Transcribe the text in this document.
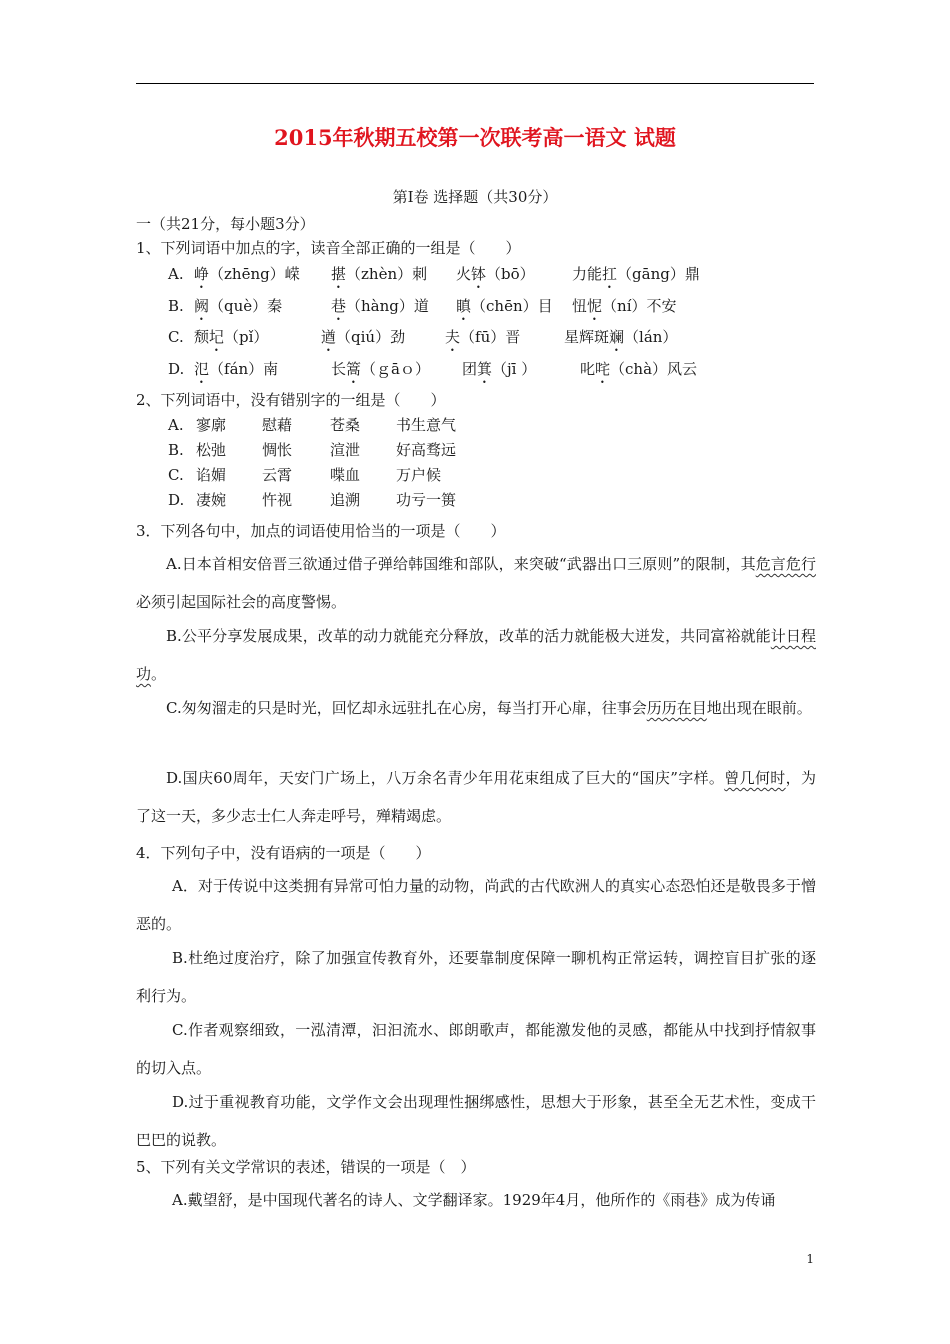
2015年秋期五校第一次联考高一语文 试题
第Ⅰ卷 选择题（共30分）
一（共21分，每小题3分）
1、下列词语中加点的字，读音全部正确的一组是（　　）
A. 峥（zhēng）嵘 揕（zhèn）刺 火钵（bō） 力能扛（gāng）鼎
B. 阙（què）秦	巷（hàng）道 瞋（chēn）目 忸怩（ní）不安
C. 颓圮（pǐ）	遒（qiú）劲	夫（fū）晋	星辉斑斓（lán）
D. 氾（fán）南	长篙（ｇāｏ） 团箕（jī ）	叱咤（chà）风云
2、下列词语中，没有错别字的一组是（　　）
A. 寥廓 慰藉	苍桑 书生意气
B. 松弛 惆怅	渲泄 好高骛远
C. 谄媚 云霄	喋血 万户候
D. 凄婉 忤视	追溯 功亏一篑
3．下列各句中，加点的词语使用恰当的一项是（　　）
A.日本首相安倍晋三欲通过借子弹给韩国维和部队，来突破“武器出口三原则”的限制，其危言危行必须引起国际社会的高度警惕。
B.公平分享发展成果，改革的动力就能充分释放，改革的活力就能极大迸发，共同富裕就能计日程功。
C.匆匆溜走的只是时光，回忆却永远驻扎在心房，每当打开心扉，往事会历历在目地出现在眼前。
D.国庆60周年，天安门广场上，八万余名青少年用花束组成了巨大的“国庆”字样。曾几何时，为了这一天，多少志士仁人奔走呼号，殚精竭虑。
4．下列句子中，没有语病的一项是（　　）
A．对于传说中这类拥有异常可怕力量的动物，尚武的古代欧洲人的真实心态恐怕还是敬畏多于憎恶的。
B.杜绝过度治疗，除了加强宣传教育外，还要靠制度保障一聊机构正常运转，调控盲目扩张的逐利行为。
C.作者观察细致，一泓清潭，汩汩流水、郎朗歌声，都能激发他的灵感，都能从中找到抒情叙事的切入点。
D.过于重视教育功能，文学作文会出现理性捆绑感性，思想大于形象，甚至全无艺术性，变成干巴巴的说教。
5、下列有关文学常识的表述，错误的一项是（　）
A.戴望舒，是中国现代著名的诗人、文学翻译家。1929年4月，他所作的《雨巷》成为传诵
1
